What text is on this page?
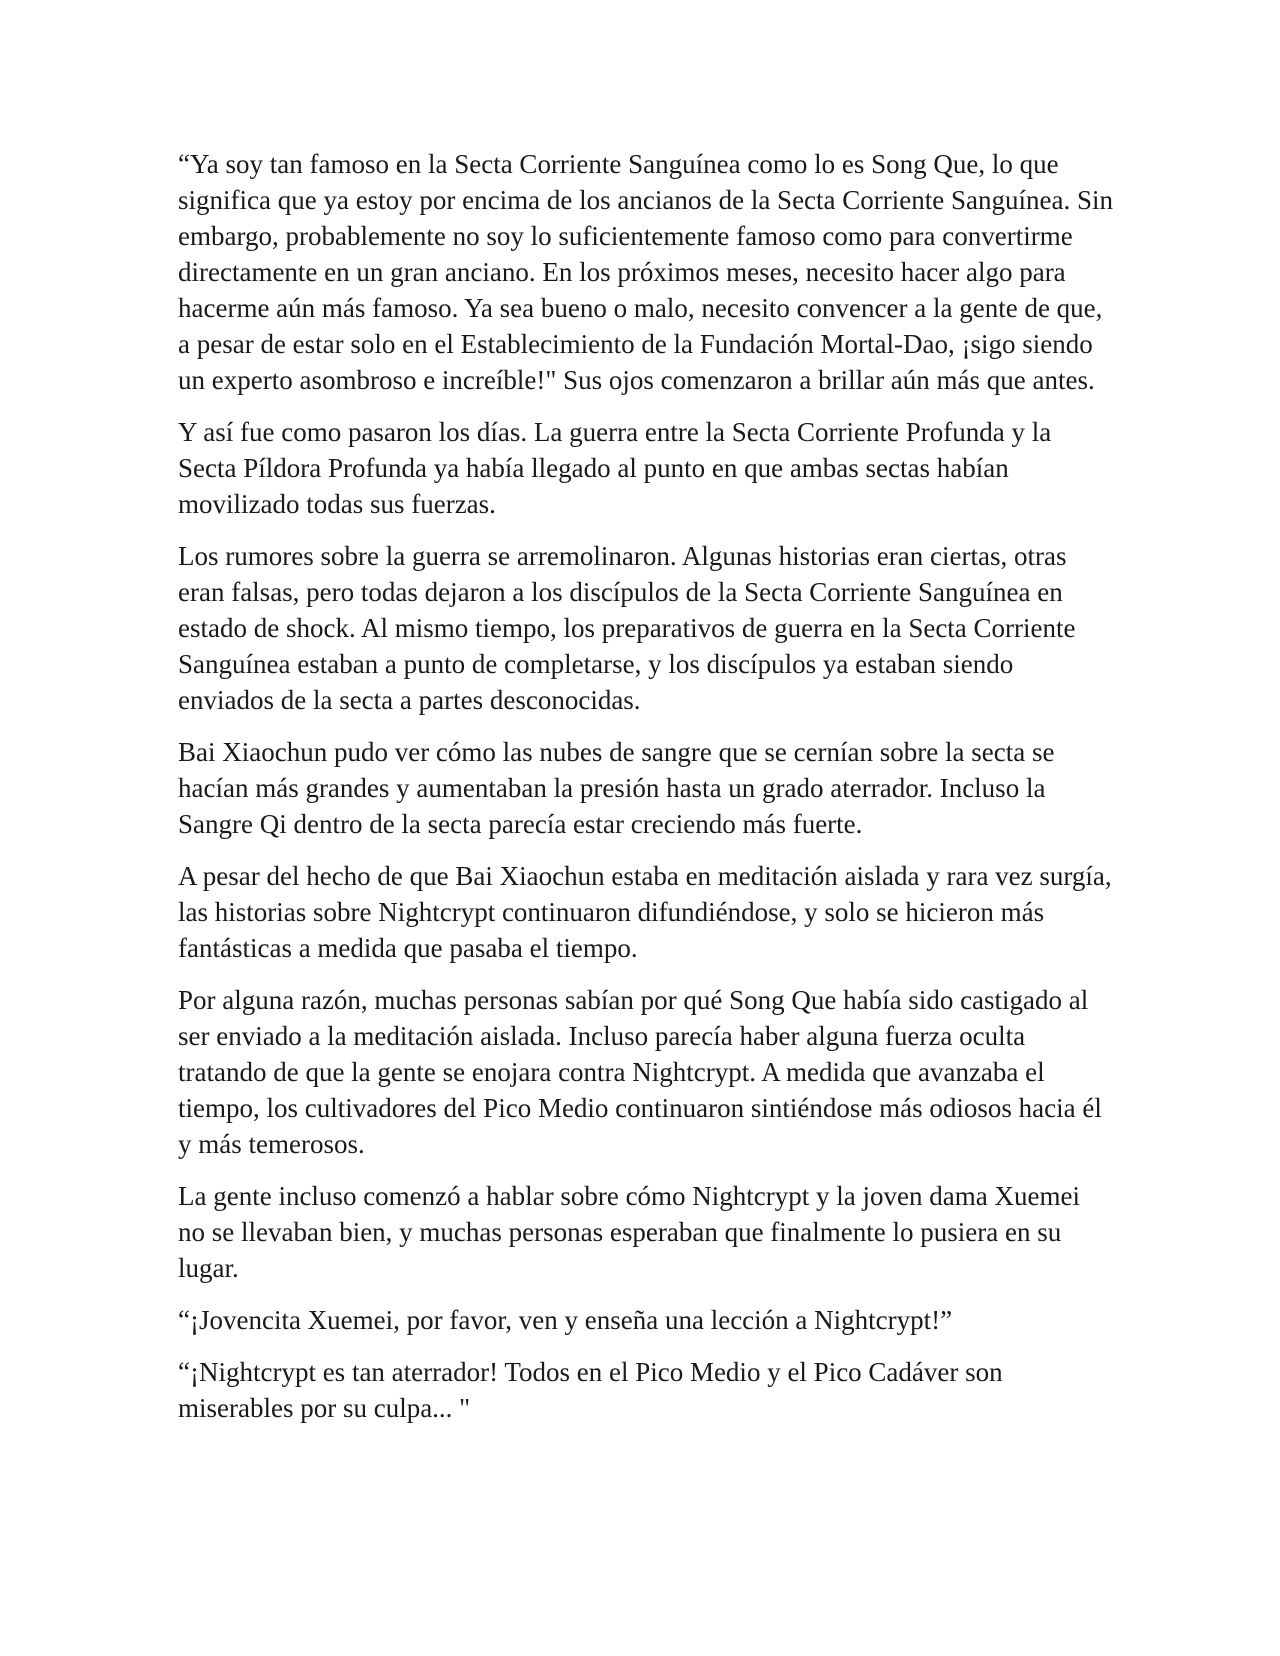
“Ya soy tan famoso en la Secta Corriente Sanguínea como lo es Song Que, lo que significa que ya estoy por encima de los ancianos de la Secta Corriente Sanguínea. Sin embargo, probablemente no soy lo suficientemente famoso como para convertirme directamente en un gran anciano. En los próximos meses, necesito hacer algo para hacerme aún más famoso. Ya sea bueno o malo, necesito convencer a la gente de que, a pesar de estar solo en el Establecimiento de la Fundación Mortal-Dao, ¡sigo siendo un experto asombroso e increíble!" Sus ojos comenzaron a brillar aún más que antes.

Y así fue como pasaron los días. La guerra entre la Secta Corriente Profunda y la Secta Píldora Profunda ya había llegado al punto en que ambas sectas habían movilizado todas sus fuerzas.

Los rumores sobre la guerra se arremolinaron. Algunas historias eran ciertas, otras eran falsas, pero todas dejaron a los discípulos de la Secta Corriente Sanguínea en estado de shock. Al mismo tiempo, los preparativos de guerra en la Secta Corriente Sanguínea estaban a punto de completarse, y los discípulos ya estaban siendo enviados de la secta a partes desconocidas.

Bai Xiaochun pudo ver cómo las nubes de sangre que se cernían sobre la secta se hacían más grandes y aumentaban la presión hasta un grado aterrador. Incluso la Sangre Qi dentro de la secta parecía estar creciendo más fuerte.

A pesar del hecho de que Bai Xiaochun estaba en meditación aislada y rara vez surgía, las historias sobre Nightcrypt continuaron difundiéndose, y solo se hicieron más fantásticas a medida que pasaba el tiempo.

Por alguna razón, muchas personas sabían por qué Song Que había sido castigado al ser enviado a la meditación aislada. Incluso parecía haber alguna fuerza oculta tratando de que la gente se enojara contra Nightcrypt. A medida que avanzaba el tiempo, los cultivadores del Pico Medio continuaron sintiéndose más odiosos hacia él y más temerosos.

La gente incluso comenzó a hablar sobre cómo Nightcrypt y la joven dama Xuemei no se llevaban bien, y muchas personas esperaban que finalmente lo pusiera en su lugar.

“¡Jovencita Xuemei, por favor, ven y enseña una lección a Nightcrypt!”

“¡Nightcrypt es tan aterrador! Todos en el Pico Medio y el Pico Cadáver son miserables por su culpa... "
